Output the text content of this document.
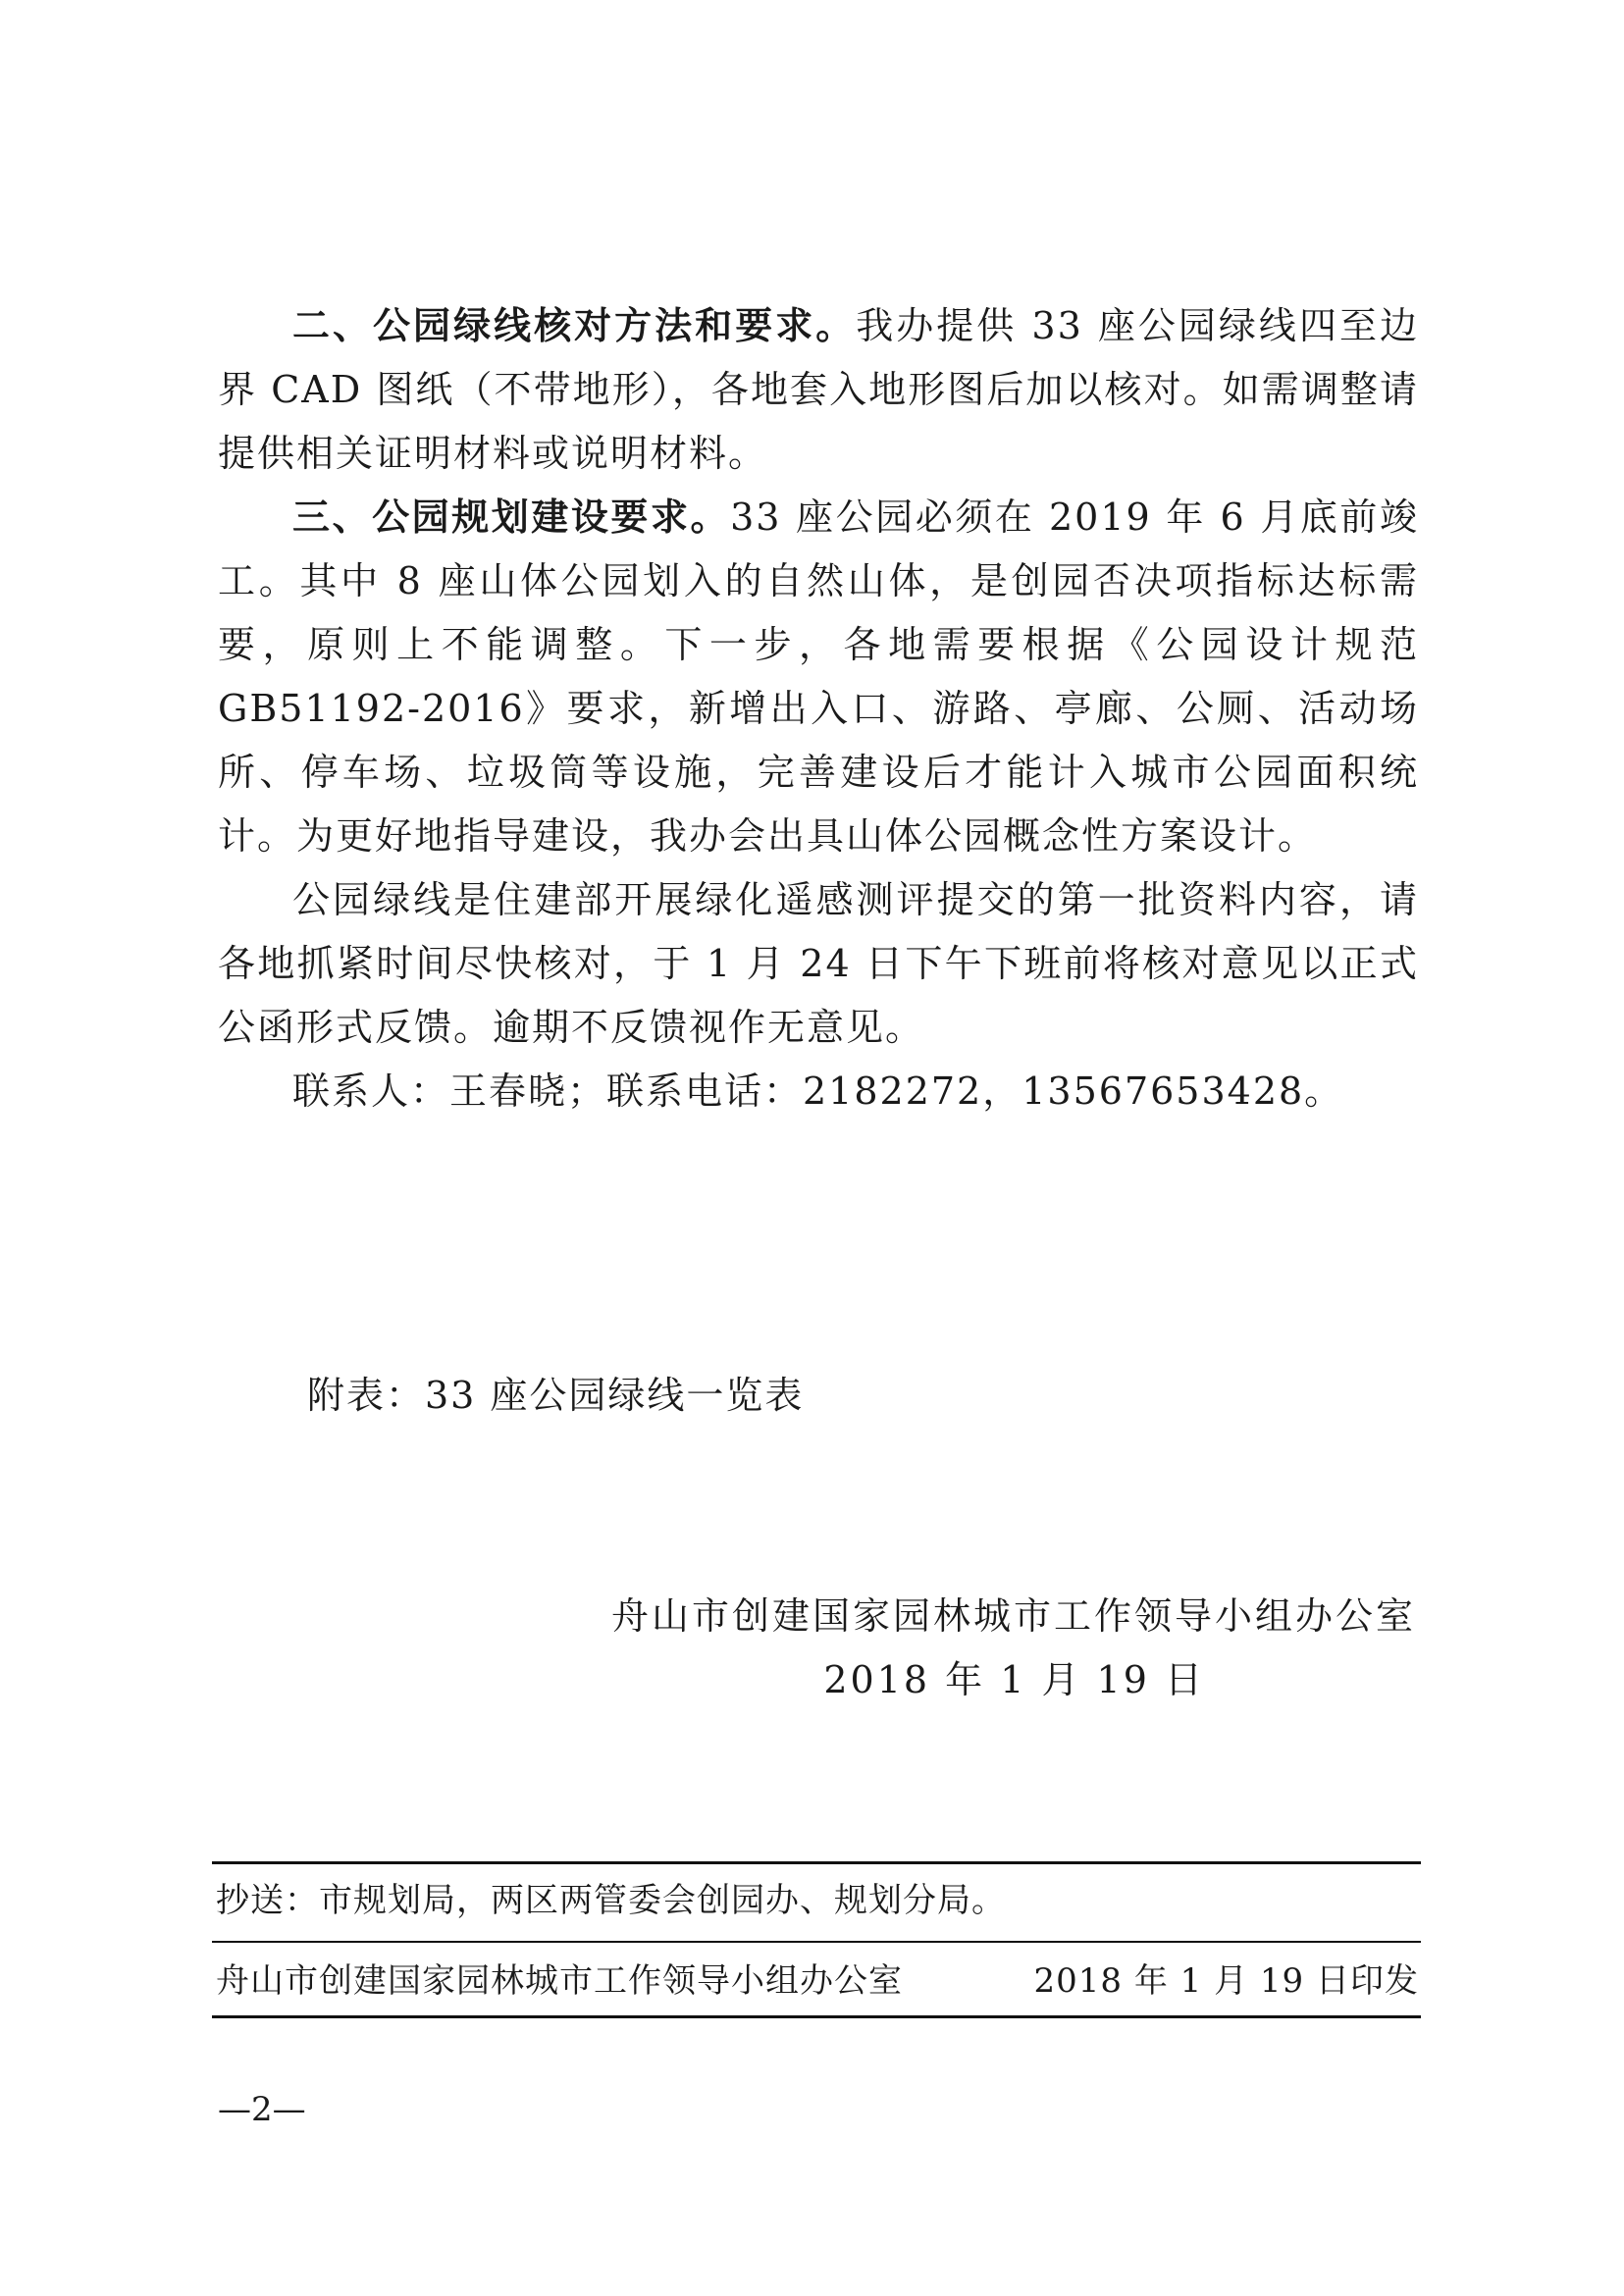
二、公园绿线核对方法和要求。我办提供 33 座公园绿线四至边界 CAD 图纸（不带地形），各地套入地形图后加以核对。如需调整请提供相关证明材料或说明材料。

三、公园规划建设要求。33 座公园必须在 2019 年 6 月底前竣工。其中 8 座山体公园划入的自然山体，是创园否决项指标达标需要，原则上不能调整。下一步，各地需要根据《公园设计规范 GB51192-2016》要求，新增出入口、游路、亭廊、公厕、活动场所、停车场、垃圾筒等设施，完善建设后才能计入城市公园面积统计。为更好地指导建设，我办会出具山体公园概念性方案设计。

公园绿线是住建部开展绿化遥感测评提交的第一批资料内容，请各地抓紧时间尽快核对，于 1 月 24 日下午下班前将核对意见以正式公函形式反馈。逾期不反馈视作无意见。

联系人：王春晓；联系电话：2182272，13567653428。

附表：33 座公园绿线一览表
舟山市创建国家园林城市工作领导小组办公室
2018 年 1 月 19 日
抄送：市规划局，两区两管委会创园办、规划分局。
舟山市创建国家园林城市工作领导小组办公室	2018 年 1 月 19 日印发
—2—
